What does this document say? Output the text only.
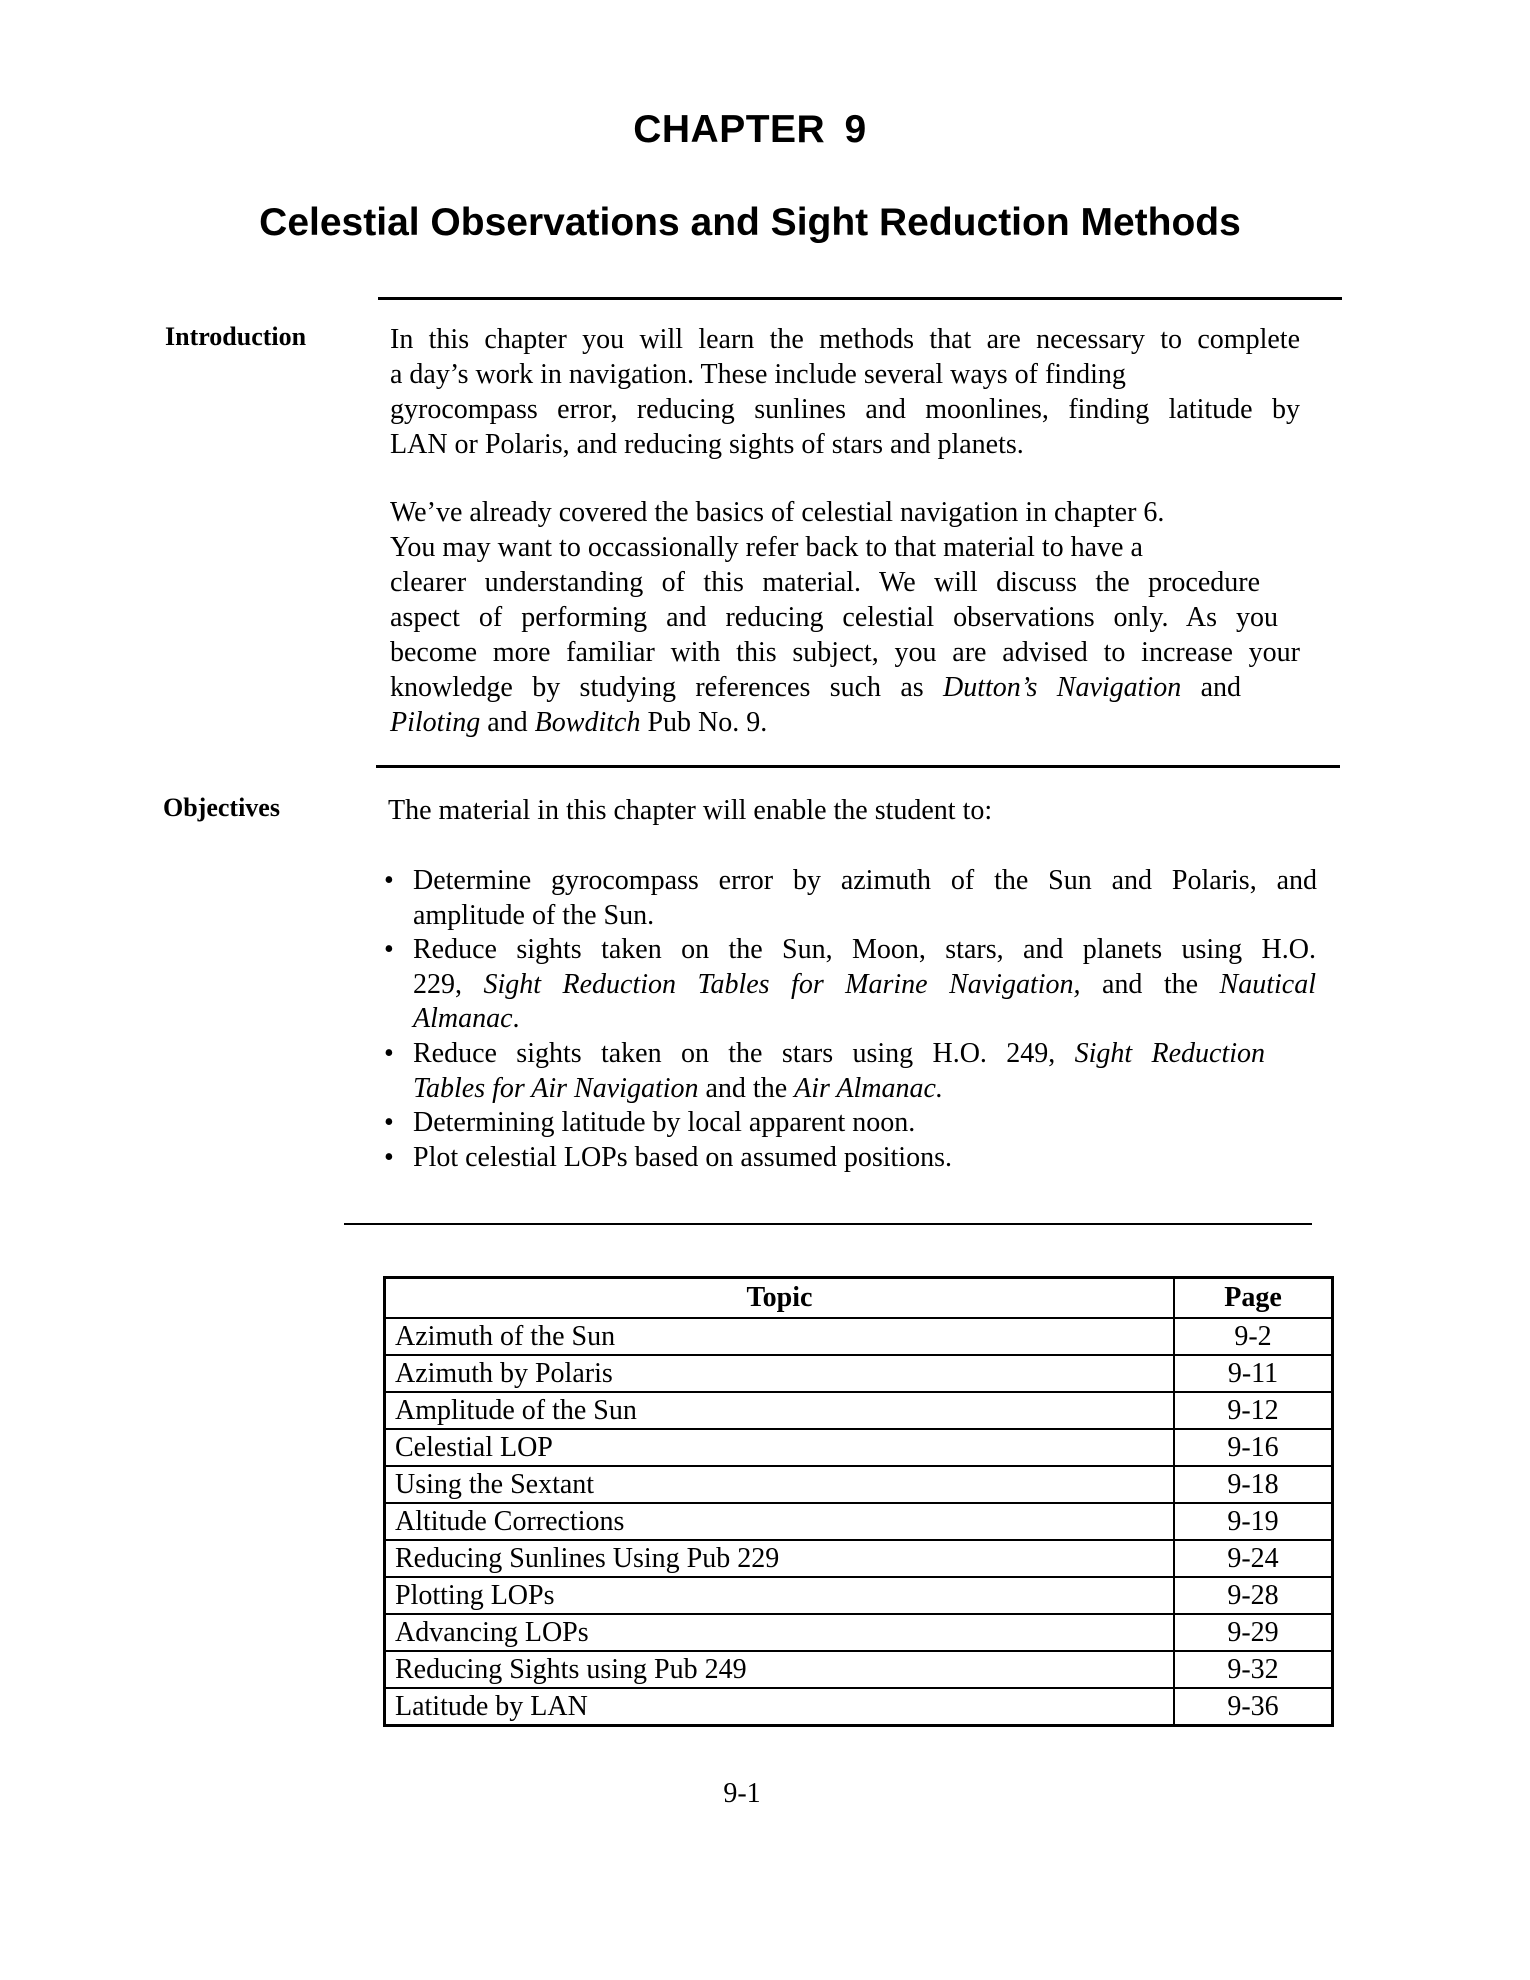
CHAPTER 9
Celestial Observations and Sight Reduction Methods
Introduction	In this chapter you will learn the methods that are necessary to complete
a day’s work in navigation. These include several ways of finding
gyrocompass error, reducing sunlines and moonlines, finding latitude by
LAN or Polaris, and reducing sights of stars and planets.
We’ve already covered the basics of celestial navigation in chapter 6.
You may want to occassionally refer back to that material to have a
clearer understanding of this material. We will discuss the procedure
aspect of performing and reducing celestial observations only. As you
become more familiar with this subject, you are advised to increase your
knowledge by studying references such as Dutton’s Navigation and
Piloting and Bowditch Pub No. 9.
Objectives	The material in this chapter will enable the student to:
• Determine gyrocompass error by azimuth of the Sun and Polaris, and
amplitude of the Sun.
• Reduce sights taken on the Sun, Moon, stars, and planets using H.O.
229, Sight Reduction Tables for Marine Navigation, and the Nautical
Almanac.
• Reduce sights taken on the stars using H.O. 249, Sight Reduction
Tables for Air Navigation and the Air Almanac.
• Determining latitude by local apparent noon.
• Plot celestial LOPs based on assumed positions.
Topic	Page
Azimuth of the Sun	9-2
Azimuth by Polaris	9-11
Amplitude of the Sun	9-12
Celestial LOP	9-16
Using the Sextant	9-18
Altitude Corrections	9-19
Reducing Sunlines Using Pub 229	9-24
Plotting LOPs	9-28
Advancing LOPs	9-29
Reducing Sights using Pub 249	9-32
Latitude by LAN	9-36
9-1
